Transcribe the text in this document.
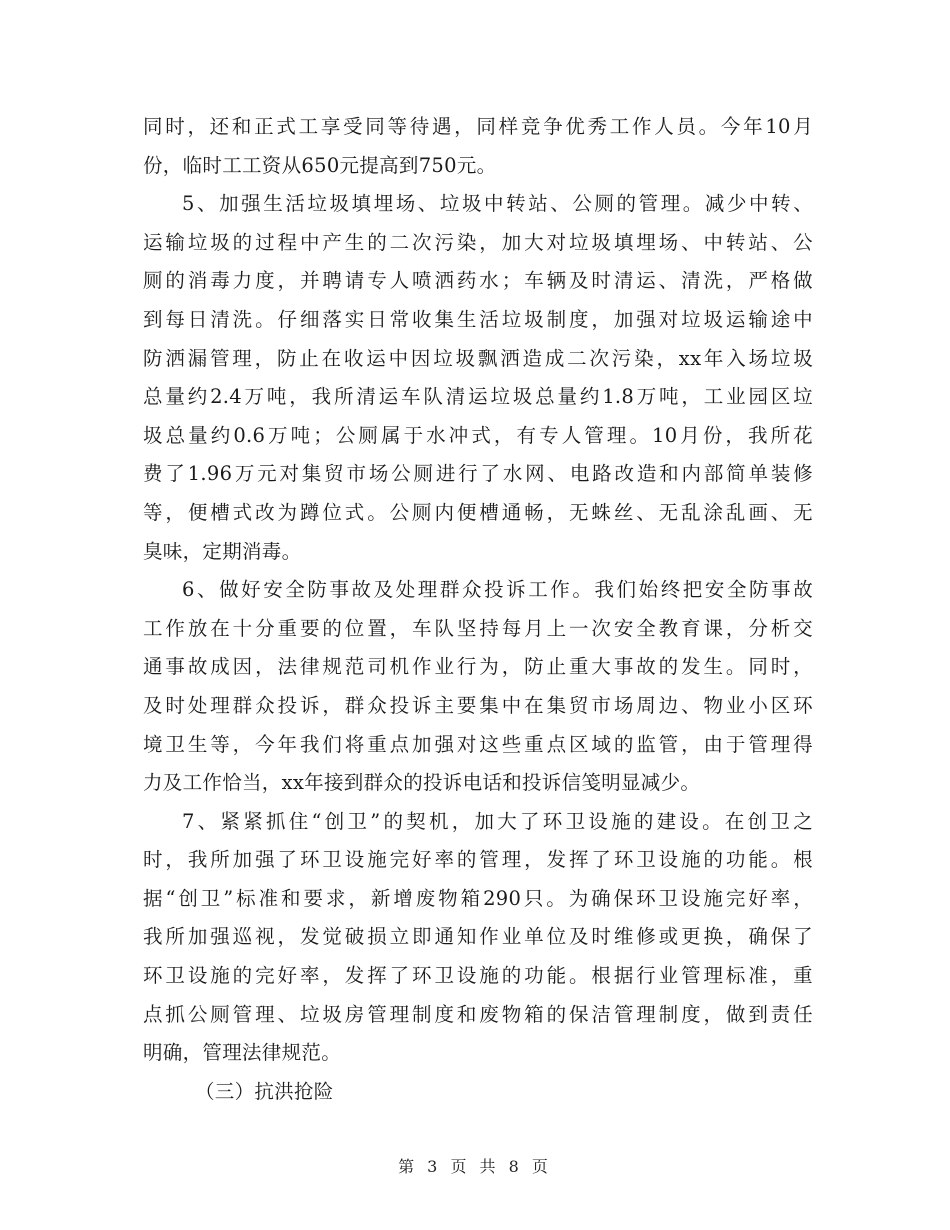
同时，还和正式工享受同等待遇，同样竞争优秀工作人员。今年10月
份，临时工工资从650元提高到750元。
5、加强生活垃圾填埋场、垃圾中转站、公厕的管理。减少中转、
运输垃圾的过程中产生的二次污染，加大对垃圾填埋场、中转站、公
厕的消毒力度，并聘请专人喷洒药水；车辆及时清运、清洗，严格做
到每日清洗。仔细落实日常收集生活垃圾制度，加强对垃圾运输途中
防洒漏管理，防止在收运中因垃圾飘洒造成二次污染，xx年入场垃圾
总量约2.4万吨，我所清运车队清运垃圾总量约1.8万吨，工业园区垃
圾总量约0.6万吨；公厕属于水冲式，有专人管理。10月份，我所花
费了1.96万元对集贸市场公厕进行了水网、电路改造和内部简单装修
等，便槽式改为蹲位式。公厕内便槽通畅，无蛛丝、无乱涂乱画、无
臭味，定期消毒。
6、做好安全防事故及处理群众投诉工作。我们始终把安全防事故
工作放在十分重要的位置，车队坚持每月上一次安全教育课，分析交
通事故成因，法律规范司机作业行为，防止重大事故的发生。同时，
及时处理群众投诉，群众投诉主要集中在集贸市场周边、物业小区环
境卫生等，今年我们将重点加强对这些重点区域的监管，由于管理得
力及工作恰当，xx年接到群众的投诉电话和投诉信笺明显减少。
7、紧紧抓住“创卫”的契机，加大了环卫设施的建设。在创卫之
时，我所加强了环卫设施完好率的管理，发挥了环卫设施的功能。根
据“创卫”标准和要求，新增废物箱290只。为确保环卫设施完好率，
我所加强巡视，发觉破损立即通知作业单位及时维修或更换，确保了
环卫设施的完好率，发挥了环卫设施的功能。根据行业管理标准，重
点抓公厕管理、垃圾房管理制度和废物箱的保洁管理制度，做到责任
明确，管理法律规范。
（三）抗洪抢险
第 3 页 共 8 页
